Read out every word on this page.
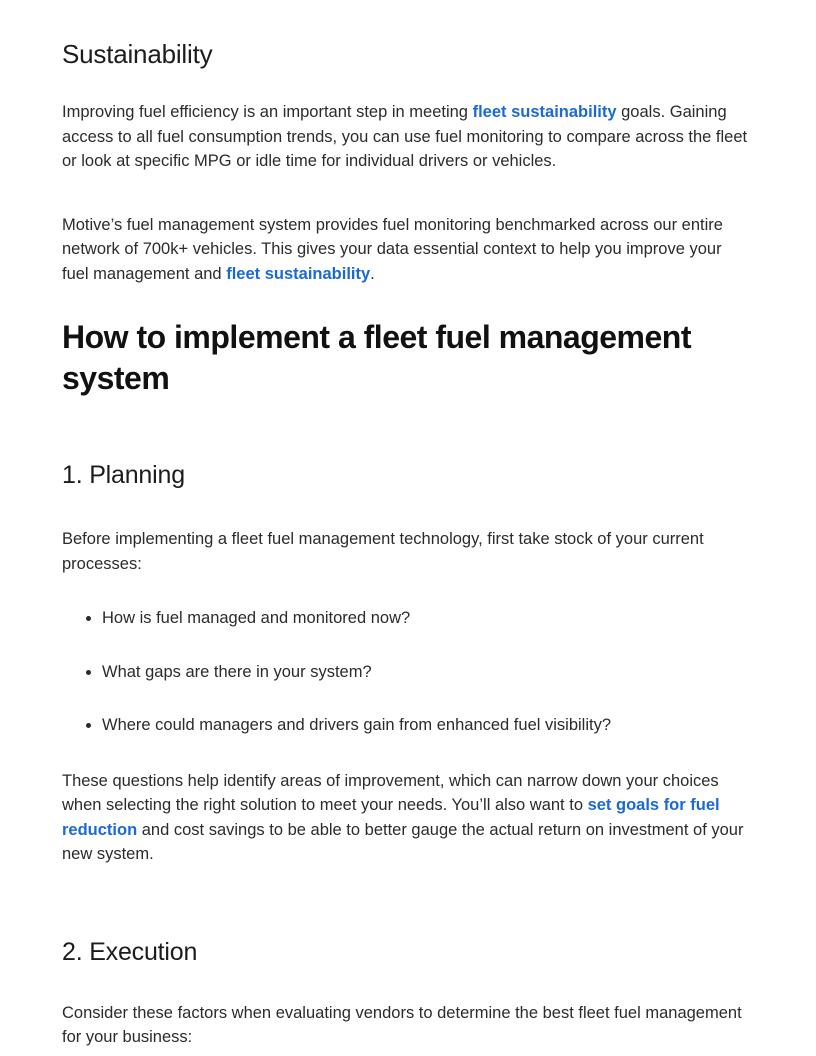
Sustainability

Improving fuel efficiency is an important step in meeting fleet sustainability goals. Gaining access to all fuel consumption trends, you can use fuel monitoring to compare across the fleet or look at specific MPG or idle time for individual drivers or vehicles.

Motive’s fuel management system provides fuel monitoring benchmarked across our entire network of 700k+ vehicles. This gives your data essential context to help you improve your fuel management and fleet sustainability.

How to implement a fleet fuel management system
1. Planning

Before implementing a fleet fuel management technology, first take stock of your current processes:

How is fuel managed and monitored now?
What gaps are there in your system?
Where could managers and drivers gain from enhanced fuel visibility?

These questions help identify areas of improvement, which can narrow down your choices when selecting the right solution to meet your needs. You’ll also want to set goals for fuel reduction and cost savings to be able to better gauge the actual return on investment of your new system.

2. Execution

Consider these factors when evaluating vendors to determine the best fleet fuel management for your business:
